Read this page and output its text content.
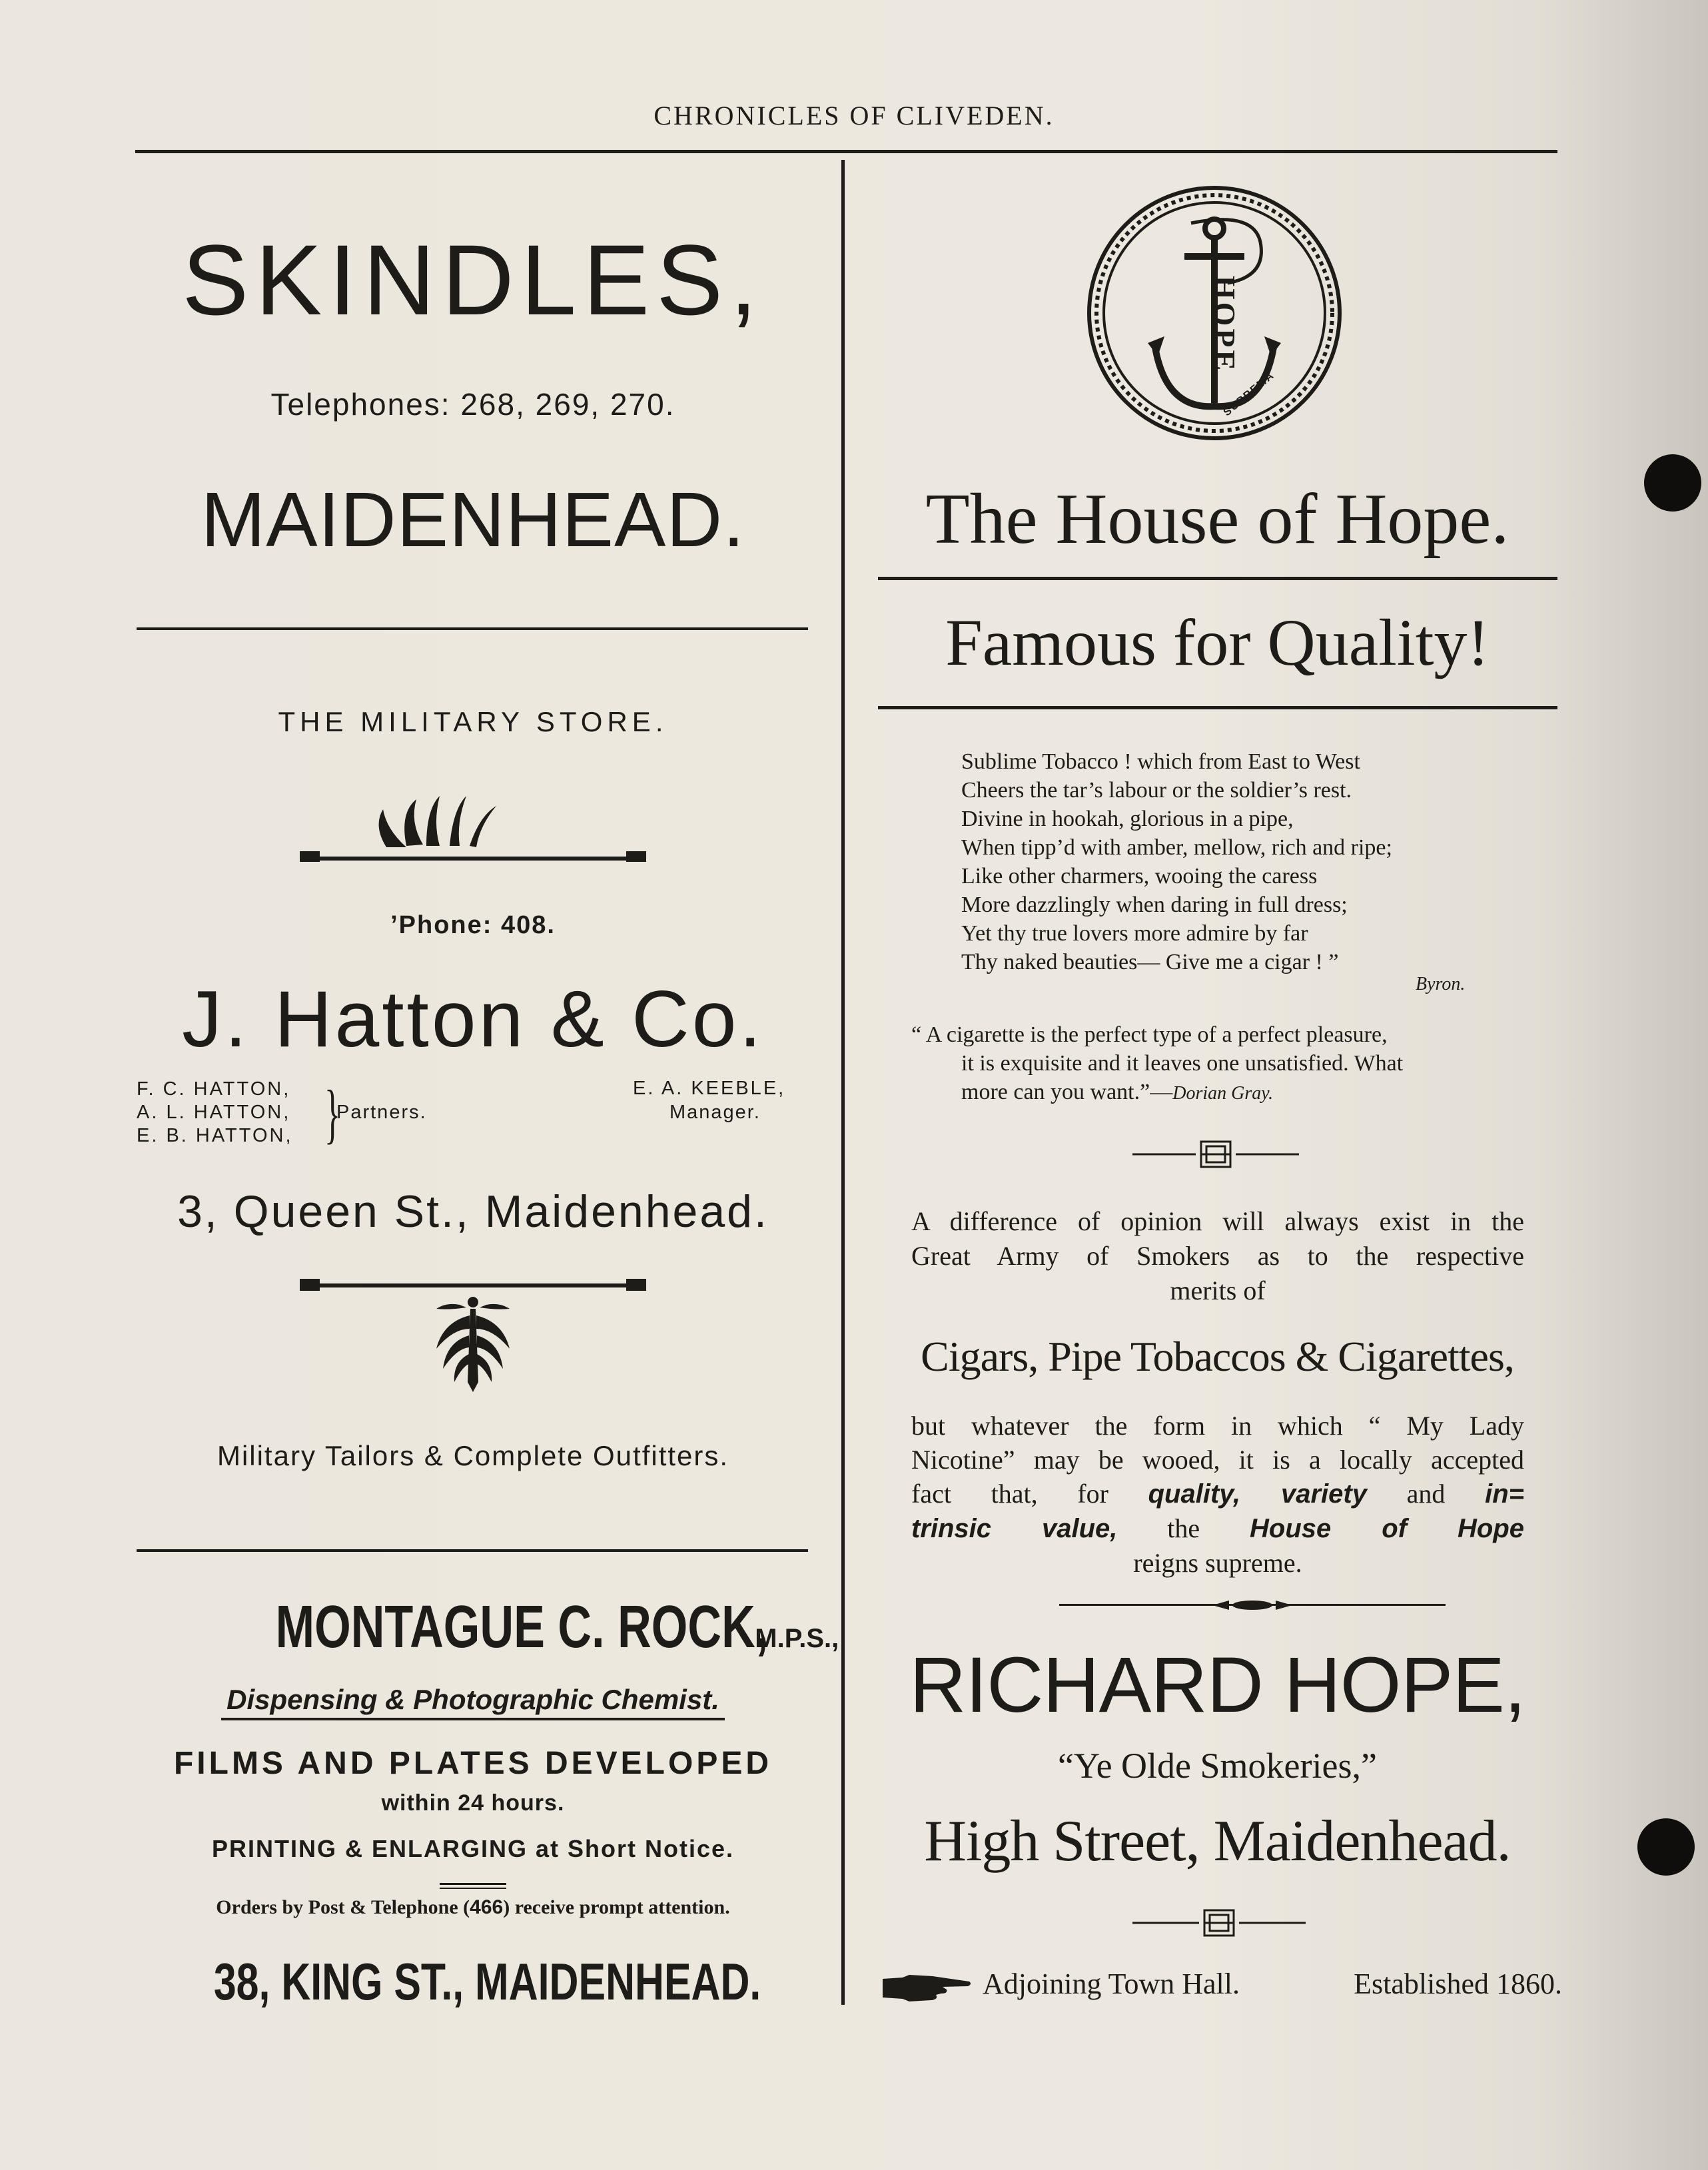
CHRONICLES OF CLIVEDEN.
SKINDLES,
Telephones: 268, 269, 270.
MAIDENHEAD.
THE MILITARY STORE.
’Phone: 408.
J. Hatton & Co.
F. C. HATTON,
A. L. HATTON,
E. B. HATTON, }
Partners.
E. A. KEEBLE,
Manager.
3, Queen St., Maidenhead.
Military Tailors & Complete Outfitters.
MONTAGUE C. ROCK,M.P.S.,
Dispensing & Photographic Chemist.
FILMS AND PLATES DEVELOPED
within 24 hours.
PRINTING & ENLARGING at Short Notice.
Orders by Post & Telephone (466) receive prompt attention.
38, KING ST., MAIDENHEAD.
HOPE
SUPREMA
The House of Hope.
Famous for Quality!
Sublime Tobacco ! which from East to West
Cheers the tar’s labour or the soldier’s rest.
Divine in hookah, glorious in a pipe,
When tipp’d with amber, mellow, rich and ripe;
Like other charmers, wooing the caress
More dazzlingly when daring in full dress;
Yet thy true lovers more admire by far
Thy naked beauties— Give me a cigar ! ”
Byron.
“ A cigarette is the perfect type of a perfect pleasure,
it is exquisite and it leaves one unsatisfied. What
more can you want.”—Dorian Gray.
A difference of opinion will always exist in the
Great Army of Smokers as to the respective
merits of
Cigars, Pipe Tobaccos & Cigarettes,
but whatever the form in which “ My Lady
Nicotine” may be wooed, it is a locally accepted
fact that, for quality, variety and in=
trinsic value, the House of Hope
reigns supreme.
RICHARD HOPE,
“Ye Olde Smokeries,”
High Street, Maidenhead.
Adjoining Town Hall.	Established 1860.
